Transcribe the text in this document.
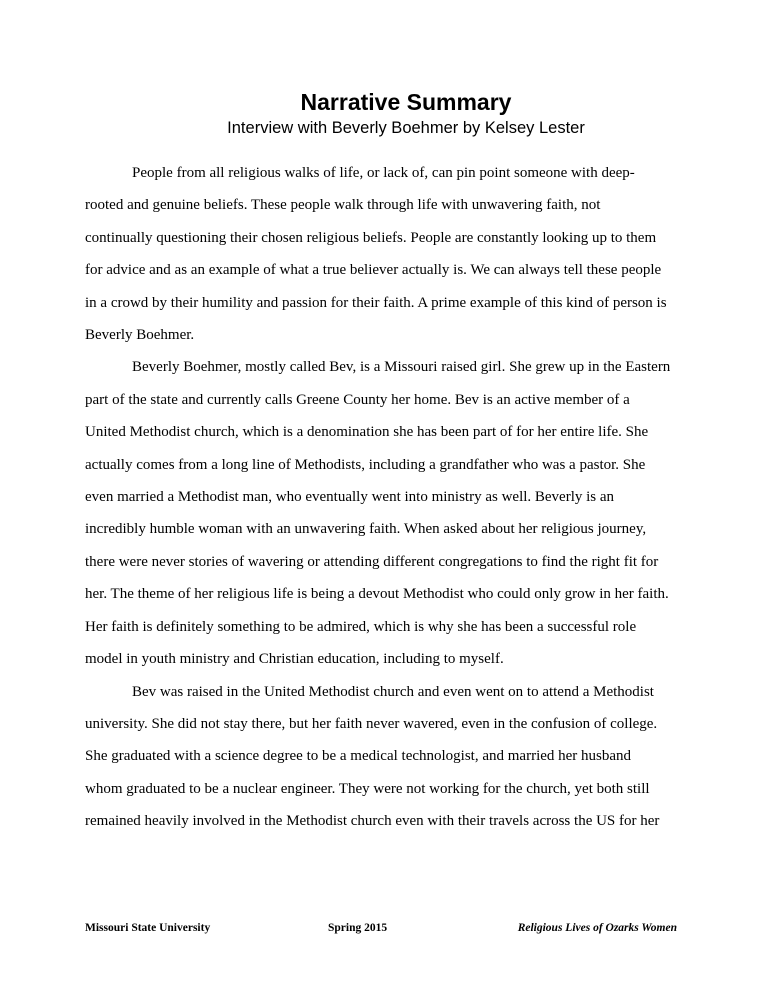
Narrative Summary
Interview with Beverly Boehmer by Kelsey Lester

People from all religious walks of life, or lack of, can pin point someone with deep-
rooted and genuine beliefs. These people walk through life with unwavering faith, not
continually questioning their chosen religious beliefs. People are constantly looking up to them
for advice and as an example of what a true believer actually is. We can always tell these people
in a crowd by their humility and passion for their faith. A prime example of this kind of person is
Beverly Boehmer.

Beverly Boehmer, mostly called Bev, is a Missouri raised girl. She grew up in the Eastern
part of the state and currently calls Greene County her home. Bev is an active member of a
United Methodist church, which is a denomination she has been part of for her entire life. She
actually comes from a long line of Methodists, including a grandfather who was a pastor. She
even married a Methodist man, who eventually went into ministry as well. Beverly is an
incredibly humble woman with an unwavering faith. When asked about her religious journey,
there were never stories of wavering or attending different congregations to find the right fit for
her. The theme of her religious life is being a devout Methodist who could only grow in her faith.
Her faith is definitely something to be admired, which is why she has been a successful role
model in youth ministry and Christian education, including to myself.

Bev was raised in the United Methodist church and even went on to attend a Methodist
university. She did not stay there, but her faith never wavered, even in the confusion of college.
She graduated with a science degree to be a medical technologist, and married her husband
whom graduated to be a nuclear engineer. They were not working for the church, yet both still
remained heavily involved in the Methodist church even with their travels across the US for her

Missouri State University	Spring 2015	Religious Lives of Ozarks Women
